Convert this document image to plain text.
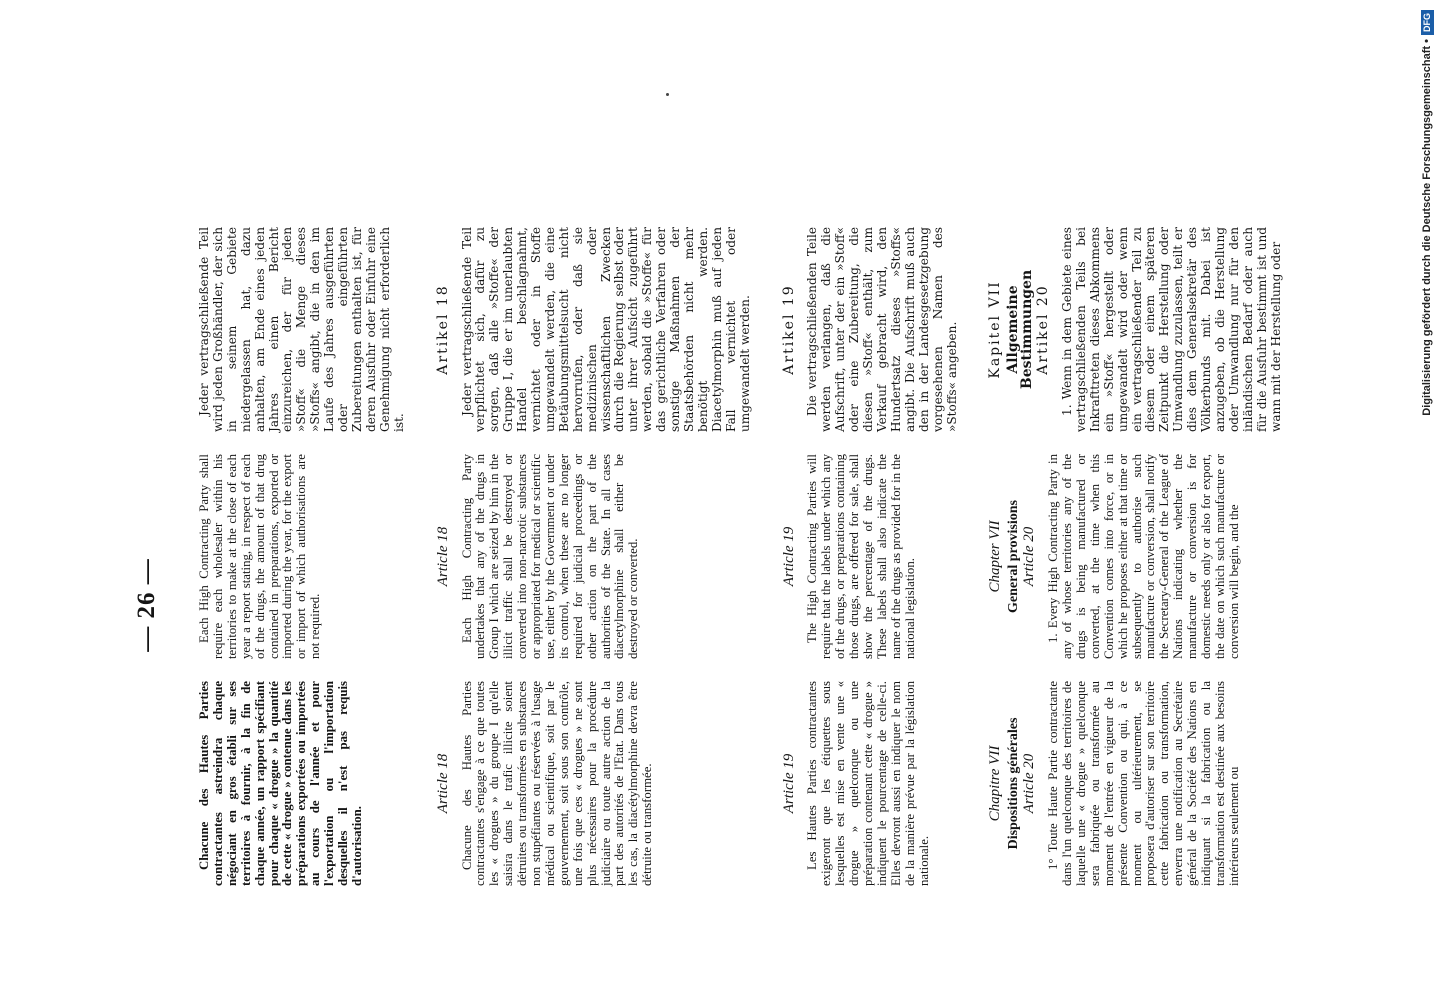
— 26 —

Chacune des Hautes Parties contractantes astreindra chaque négociant en gros établi sur ses territoires à fournir, à la fin de chaque année, un rapport spécifiant pour chaque « drogue » la quantité de cette « drogue » contenue dans les préparations exportées ou importées au cours de l'année et pour l'exportation ou l'importation desquelles il n'est pas requis d'autorisation.

Each High Contracting Party shall require each wholesaler within his territories to make at the close of each year a report stating, in respect of each of the drugs, the amount of that drug contained in preparations, exported or imported during the year, for the export or import of which authorisations are not required.

Jeder vertragschließende Teil wird jeden Großhändler, der sich in seinem Gebiete niedergelassen hat, dazu anhalten, am Ende eines jeden Jahres einen Bericht einzureichen, der für jeden »Stoff« die Menge dieses »Stoffs« angibt, die in den im Laufe des Jahres ausgeführten oder eingeführten Zubereitungen enthalten ist, für deren Ausfuhr oder Einfuhr eine Genehmigung nicht erforderlich ist.

Article 18 Chacune des Hautes Parties contractantes s'engage à ce que toutes les « drogues » du groupe I qu'elle saisira dans le trafic illicite soient détruites ou transformées en substances non stupéfiantes ou réservées à l'usage médical ou scientifique, soit par le gouvernement, soit sous son contrôle, une fois que ces « drogues » ne sont plus nécessaires pour la procédure judiciaire ou toute autre action de la part des autorités de l'Etat. Dans tous les cas, la diacétylmorphine devra être détruite ou transformée.

Article 18 Each High Contracting Party undertakes that any of the drugs in Group I which are seized by him in the illicit traffic shall be destroyed or converted into non-narcotic substances or appropriated for medical or scientific use, either by the Government or under its control, when these are no longer required for judicial proceedings or other action on the part of the authorities of the State. In all cases diacetylmorphine shall either be destroyed or converted.

Artikel 18 Jeder vertragschließende Teil verpflichtet sich, dafür zu sorgen, daß alle »Stoffe« der Gruppe I, die er im unerlaubten Handel beschlagnahmt, vernichtet oder in Stoffe umgewandelt werden, die eine Betäubungsmittelsucht nicht hervorrufen, oder daß sie medizinischen oder wissenschaftlichen Zwecken durch die Regierung selbst oder unter ihrer Aufsicht zugeführt werden, sobald die »Stoffe« für das gerichtliche Verfahren oder sonstige Maßnahmen der Staatsbehörden nicht mehr benötigt werden. Diacetylmorphin muß auf jeden Fall vernichtet oder umgewandelt werden.

Article 19 Les Hautes Parties contractantes exigeront que les étiquettes sous lesquelles est mise en vente une « drogue » quelconque ou une préparation contenant cette « drogue » indiquent le pourcentage de celle-ci. Elles devront aussi en indiquer le nom de la manière prévue par la législation nationale.

Article 19 The High Contracting Parties will require that the labels under which any of the drugs, or preparations containing those drugs, are offered for sale, shall show the percentage of the drugs. These labels shall also indicate the name of the drugs as provided for in the national legislation.

Artikel 19 Die vertragschließenden Teile werden verlangen, daß die Aufschrift, unter der ein »Stoff« oder eine Zubereitung, die diesen »Stoff« enthält, zum Verkauf gebracht wird, den Hundertsatz dieses »Stoffs« angibt. Die Aufschrift muß auch den in der Landesgesetzgebung vorgesehenen Namen des »Stoffs« angeben.

Chapitre VII Dispositions générales Article 20 1° Toute Haute Partie contractante dans l'un quelconque des territoires de laquelle une « drogue » quelconque sera fabriquée ou transformée au moment de l'entrée en vigueur de la présente Convention ou qui, à ce moment ou ultérieurement, se proposera d'autoriser sur son territoire cette fabrication ou transformation, enverra une notification au Secrétaire général de la Société des Nations en indiquant si la fabrication ou la transformation est destinée aux besoins intérieurs seulement ou

Chapter VII General provisions Article 20 1. Every High Contracting Party in any of whose territories any of the drugs is being manufactured or converted, at the time when this Convention comes into force, or in which he proposes either at that time or subsequently to authorise such manufacture or conversion, shall notify the Secretary-General of the League of Nations indicating whether the manufacture or conversion is for domestic needs only or also for export, the date on which such manufacture or conversion will begin, and the

Kapitel VII Allgemeine Bestimmungen Artikel 20 1. Wenn in dem Gebiete eines vertragschließenden Teils bei Inkrafttreten dieses Abkommens ein »Stoff« hergestellt oder umgewandelt wird oder wenn ein vertragschließender Teil zu diesem oder einem späteren Zeitpunkt die Herstellung oder Umwandlung zuzulassen, teilt er dies dem Generalsekretär des Völkerbunds mit. Dabei ist anzugeben, ob die Herstellung oder Umwandlung nur für den inländischen Bedarf oder auch für die Ausfuhr bestimmt ist und wann mit der Herstellung oder	Digitalisierung gefördert durch die Deutsche Forschungsgemeinschaft •DFG
